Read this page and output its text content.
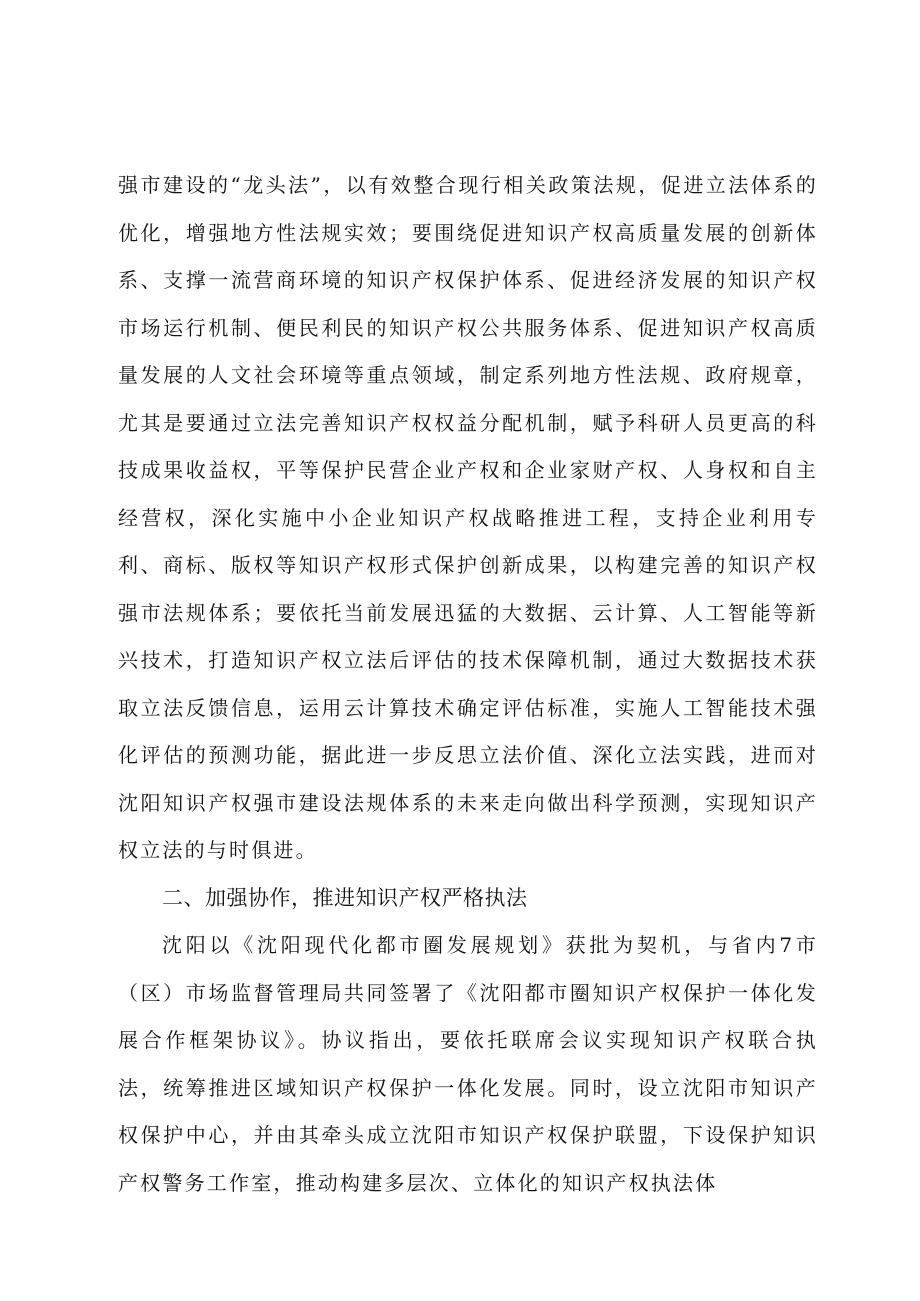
强市建设的“龙头法”，以有效整合现行相关政策法规，促进立法体系的优化，增强地方性法规实效；要围绕促进知识产权高质量发展的创新体系、支撑一流营商环境的知识产权保护体系、促进经济发展的知识产权市场运行机制、便民利民的知识产权公共服务体系、促进知识产权高质量发展的人文社会环境等重点领域，制定系列地方性法规、政府规章，尤其是要通过立法完善知识产权权益分配机制，赋予科研人员更高的科技成果收益权，平等保护民营企业产权和企业家财产权、人身权和自主经营权，深化实施中小企业知识产权战略推进工程，支持企业利用专利、商标、版权等知识产权形式保护创新成果，以构建完善的知识产权强市法规体系；要依托当前发展迅猛的大数据、云计算、人工智能等新兴技术，打造知识产权立法后评估的技术保障机制，通过大数据技术获取立法反馈信息，运用云计算技术确定评估标准，实施人工智能技术强化评估的预测功能，据此进一步反思立法价值、深化立法实践，进而对沈阳知识产权强市建设法规体系的未来走向做出科学预测，实现知识产权立法的与时俱进。

二、加强协作，推进知识产权严格执法

沈阳以《沈阳现代化都市圈发展规划》获批为契机，与省内7市（区）市场监督管理局共同签署了《沈阳都市圈知识产权保护一体化发展合作框架协议》。协议指出，要依托联席会议实现知识产权联合执法，统筹推进区域知识产权保护一体化发展。同时，设立沈阳市知识产权保护中心，并由其牵头成立沈阳市知识产权保护联盟，下设保护知识产权警务工作室，推动构建多层次、立体化的知识产权执法体
